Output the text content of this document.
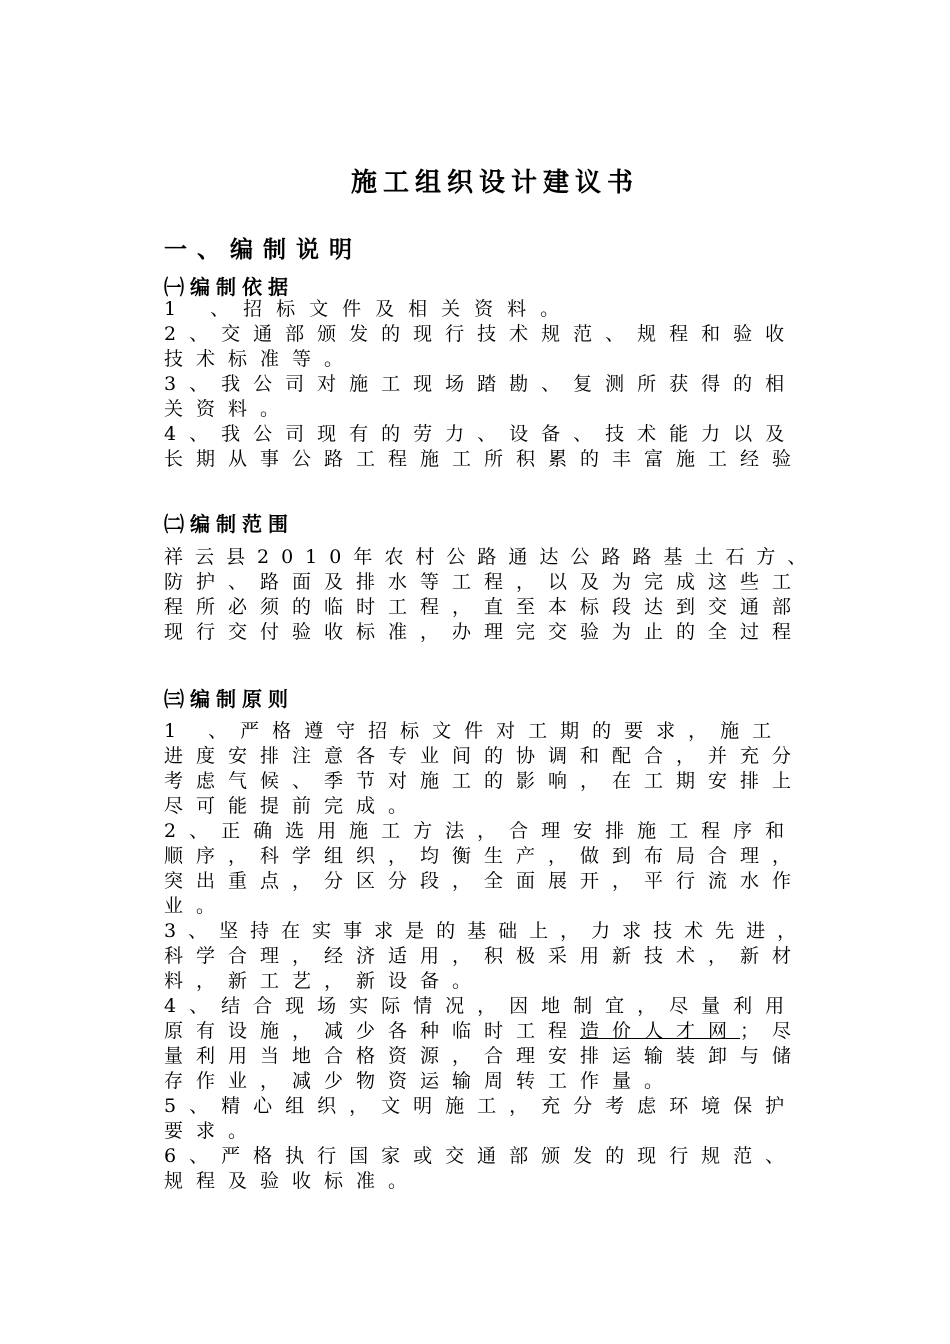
施工组织设计建议书
一、编制说明
㈠编制依据
1 、招标文件及相关资料。
2、交通部颁发的现行技术规范、规程和验收
技术标准等。
3、我公司对施工现场踏勘、复测所获得的相
关资料。
4、我公司现有的劳力、设备、技术能力以及
长期从事公路工程施工所积累的丰富施工经验
㈡编制范围
祥云县2010年农村公路通达公路路基土石方、
防护、路面及排水等工程，以及为完成这些工
程所必须的临时工程，直至本标段达到交通部
现行交付验收标准，办理完交验为止的全过程
㈢编制原则
1 、严格遵守招标文件对工期的要求，施工
进度安排注意各专业间的协调和配合，并充分
考虑气候、季节对施工的影响，在工期安排上
尽可能提前完成。
2、正确选用施工方法，合理安排施工程序和
顺序，科学组织，均衡生产，做到布局合理，
突出重点，分区分段，全面展开，平行流水作
业。
3、坚持在实事求是的基础上，力求技术先进，
科学合理，经济适用，积极采用新技术，新材
料，新工艺，新设备。
4、结合现场实际情况，因地制宜，尽量利用
原有设施，减少各种临时工程 造价人才网 ；尽
量利用当地合格资源，合理安排运输装卸与储
存作业，减少物资运输周转工作量。
5、精心组织，文明施工，充分考虑环境保护
要求。
6、严格执行国家或交通部颁发的现行规范、
规程及验收标准。
